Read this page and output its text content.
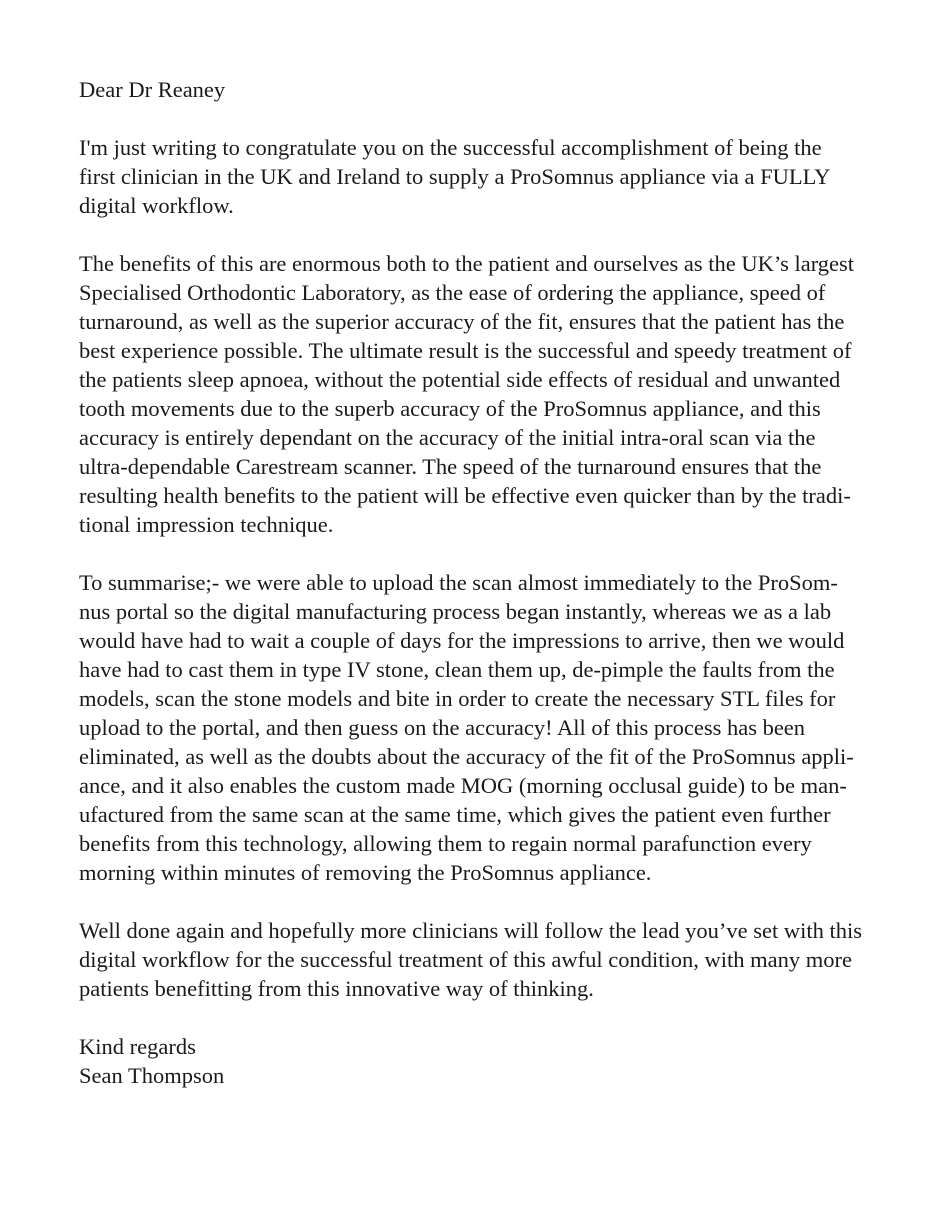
Dear Dr Reaney
I'm just writing to congratulate you on the successful accomplishment of being the
first clinician in the UK and Ireland to supply a ProSomnus appliance via a FULLY
digital workflow.
The benefits of this are enormous both to the patient and ourselves as the UK’s largest
Specialised Orthodontic Laboratory, as the ease of ordering the appliance, speed of
turnaround, as well as the superior accuracy of the fit, ensures that the patient has the
best experience possible. The ultimate result is the successful and speedy treatment of
the patients sleep apnoea, without the potential side effects of residual and unwanted
tooth movements due to the superb accuracy of the ProSomnus appliance, and this
accuracy is entirely dependant on the accuracy of the initial intra-oral scan via the
ultra-dependable Carestream scanner. The speed of the turnaround ensures that the
resulting health benefits to the patient will be effective even quicker than by the tradi-
tional impression technique.
To summarise;- we were able to upload the scan almost immediately to the ProSom-
nus portal so the digital manufacturing process began instantly, whereas we as a lab
would have had to wait a couple of days for the impressions to arrive, then we would
have had to cast them in type IV stone, clean them up, de-pimple the faults from the
models, scan the stone models and bite in order to create the necessary STL files for
upload to the portal, and then guess on the accuracy! All of this process has been
eliminated, as well as the doubts about the accuracy of the fit of the ProSomnus appli-
ance, and it also enables the custom made MOG (morning occlusal guide) to be man-
ufactured from the same scan at the same time, which gives the patient even further
benefits from this technology, allowing them to regain normal parafunction every
morning within minutes of removing the ProSomnus appliance.
Well done again and hopefully more clinicians will follow the lead you’ve set with this
digital workflow for the successful treatment of this awful condition, with many more
patients benefitting from this innovative way of thinking.
Kind regards
Sean Thompson
